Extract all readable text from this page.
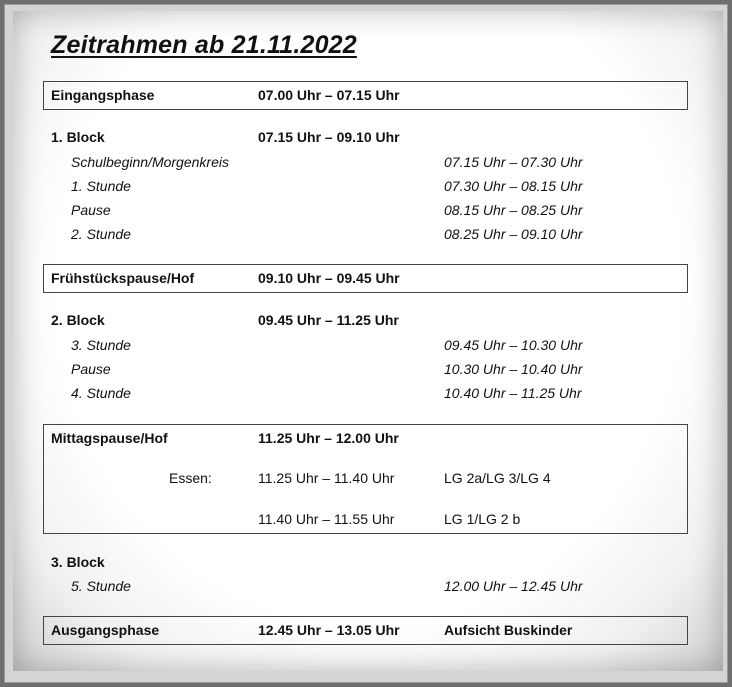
Zeitrahmen ab 21.11.2022
Eingangsphase	07.00 Uhr – 07.15 Uhr
1. Block	07.15 Uhr – 09.10 Uhr
Schulbeginn/Morgenkreis	07.15 Uhr – 07.30 Uhr
1. Stunde	07.30 Uhr – 08.15 Uhr
Pause	08.15 Uhr – 08.25 Uhr
2. Stunde	08.25 Uhr – 09.10 Uhr
Frühstückspause/Hof	09.10 Uhr – 09.45 Uhr
2. Block	09.45 Uhr – 11.25 Uhr
3. Stunde	09.45 Uhr – 10.30 Uhr
Pause	10.30 Uhr – 10.40 Uhr
4. Stunde	10.40 Uhr – 11.25 Uhr
Mittagspause/Hof	11.25 Uhr – 12.00 Uhr
Essen:	11.25 Uhr – 11.40 Uhr	LG 2a/LG 3/LG 4
11.40 Uhr – 11.55 Uhr	LG 1/LG 2 b
3. Block
5. Stunde	12.00 Uhr – 12.45 Uhr
Ausgangsphase	12.45 Uhr – 13.05 Uhr	Aufsicht Buskinder
